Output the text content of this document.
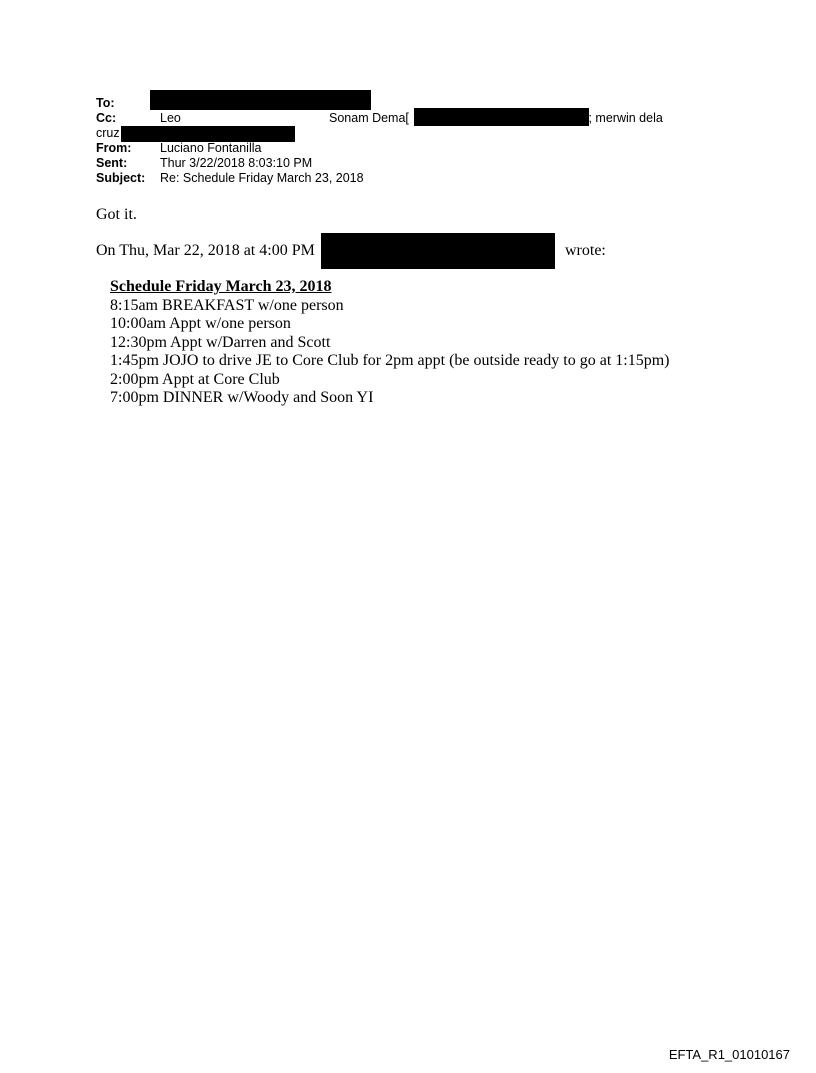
To:
Cc:	Leo	Sonam Dema[	]; merwin dela
cruz
From: Luciano Fontanilla
Sent:	Thur 3/22/2018 8:03:10 PM
Subject: Re: Schedule Friday March 23, 2018
Got it.
On Thu, Mar 22, 2018 at 4:00 PM	wrote:
Schedule Friday March 23, 2018
8:15am BREAKFAST w/one person
10:00am Appt w/one person
12:30pm Appt w/Darren and Scott
1:45pm JOJO to drive JE to Core Club for 2pm appt (be outside ready to go at 1:15pm)
2:00pm Appt at Core Club
7:00pm DINNER w/Woody and Soon YI
EFTA_R1_01010167
